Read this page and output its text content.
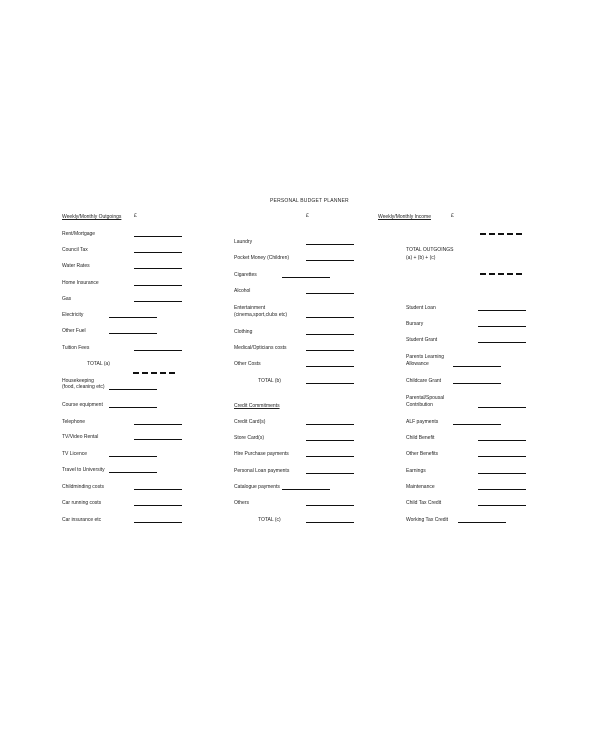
PERSONAL BUDGET PLANNER
Weekly/Monthly Outgoings	£
Rent/Mortgage
Council Tax
Water Rates
Home Insurance
Gas
Electricity
Other Fuel
Tuition Fees
TOTAL (a)
Housekeeping
(food, cleaning etc)
Course equipment
Telephone
TV/Video Rental
TV Licence
Travel to University
Childminding costs
Car running costs
Car insurance etc
£
Laundry
Pocket Money (Children)
Cigarettes
Alcohol
Entertainment
(cinema,sport,clubs etc)
Clothing
Medical/Opticians costs
Other Costs
TOTAL (b)
Credit Commitments
Credit Card(s)
Store Card(s)
Hire Purchase payments
Personal Loan payments
Catalogue payments
Others
TOTAL (c)
Weekly/Monthly Income	£
TOTAL OUTGOINGS
(a) + (b) + (c)
Student Loan
Bursary
Student Grant
Parents Learning
Allowance
Childcare Grant
Parental/Spousal
Contribution
ALF payments
Child Benefit
Other Benefits
Earnings
Maintenance
Child Tax Credit
Working Tax Credit
